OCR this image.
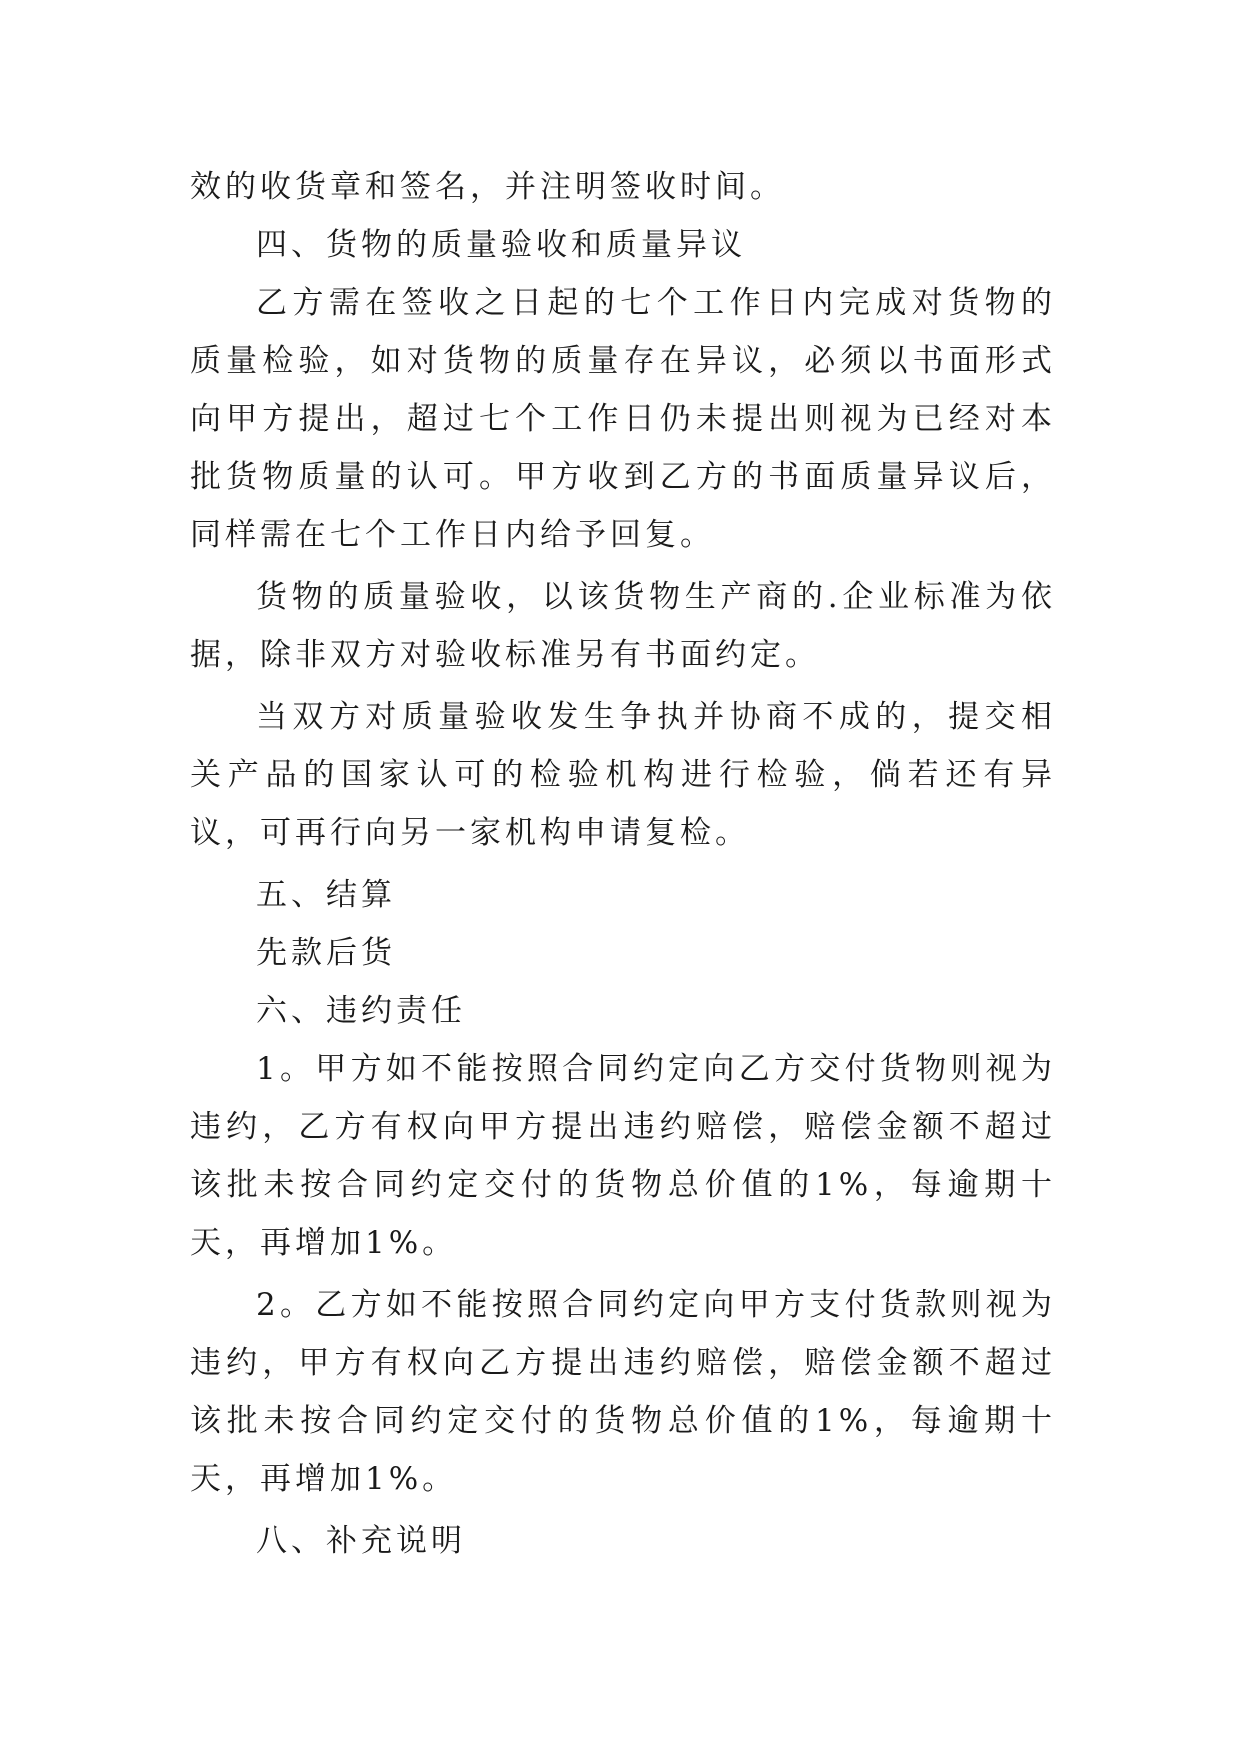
效的收货章和签名，并注明签收时间。

四、货物的质量验收和质量异议

乙方需在签收之日起的七个工作日内完成对货物的质量检验，如对货物的质量存在异议，必须以书面形式向甲方提出，超过七个工作日仍未提出则视为已经对本批货物质量的认可。甲方收到乙方的书面质量异议后，同样需在七个工作日内给予回复。

货物的质量验收，以该货物生产商的.企业标准为依据，除非双方对验收标准另有书面约定。

当双方对质量验收发生争执并协商不成的，提交相关产品的国家认可的检验机构进行检验，倘若还有异议，可再行向另一家机构申请复检。

五、结算

先款后货

六、违约责任

1。甲方如不能按照合同约定向乙方交付货物则视为违约，乙方有权向甲方提出违约赔偿，赔偿金额不超过该批未按合同约定交付的货物总价值的1%，每逾期十天，再增加1%。

2。乙方如不能按照合同约定向甲方支付货款则视为违约，甲方有权向乙方提出违约赔偿，赔偿金额不超过该批未按合同约定交付的货物总价值的1%，每逾期十天，再增加1%。

八、补充说明
